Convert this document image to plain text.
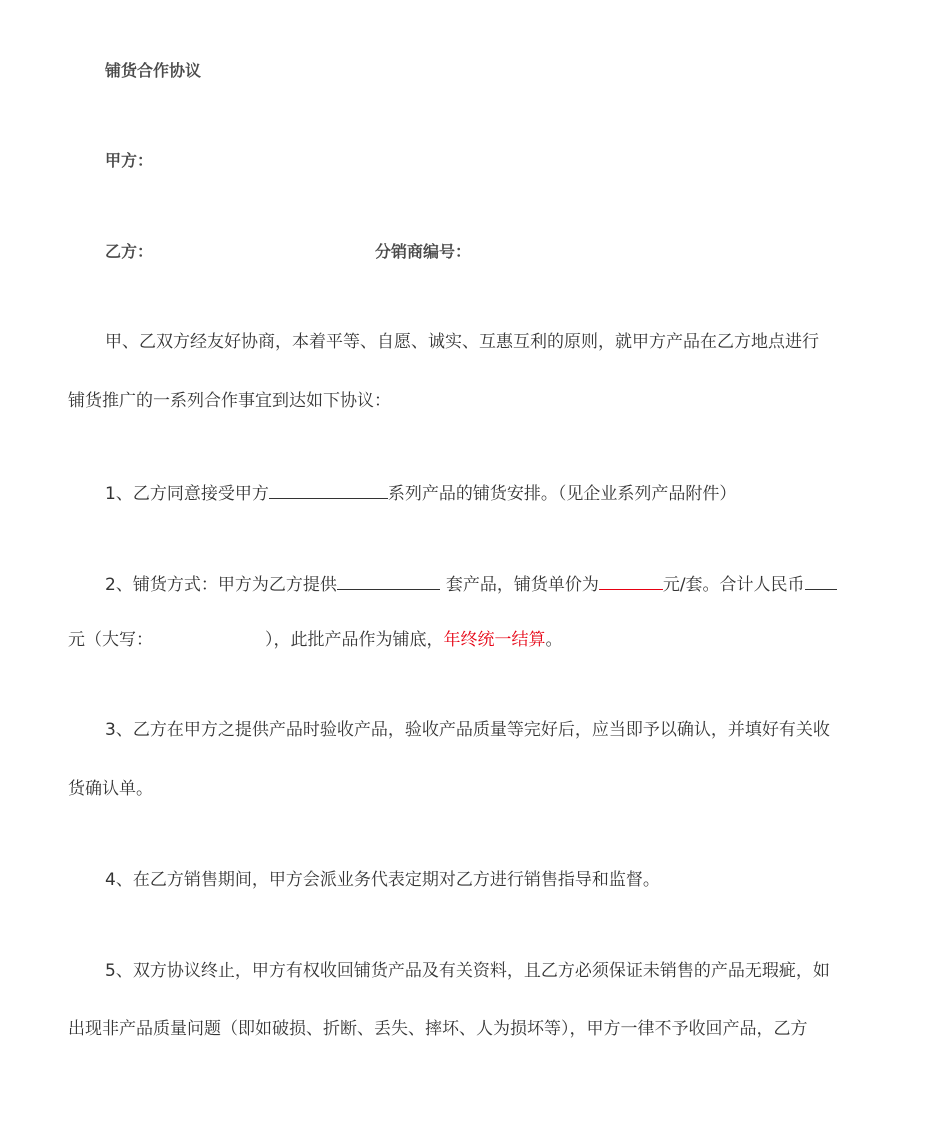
铺货合作协议
甲方：
乙方：	分销商编号：
甲、乙双方经友好协商，本着平等、自愿、诚实、互惠互利的原则，就甲方产品在乙方地点进行
铺货推广的一系列合作事宜到达如下协议：
1、乙方同意接受甲方	系列产品的铺货安排。（见企业系列产品附件）
2、铺货方式：甲方为乙方提供	套产品，铺货单价为	元/套。合计人民币
元（大写：	），此批产品作为铺底，年终统一结算。
3、乙方在甲方之提供产品时验收产品，验收产品质量等完好后，应当即予以确认，并填好有关收
货确认单。
4、在乙方销售期间，甲方会派业务代表定期对乙方进行销售指导和监督。
5、双方协议终止，甲方有权收回铺货产品及有关资料，且乙方必须保证未销售的产品无瑕疵，如
出现非产品质量问题（即如破损、折断、丢失、摔坏、人为损坏等），甲方一律不予收回产品，乙方
